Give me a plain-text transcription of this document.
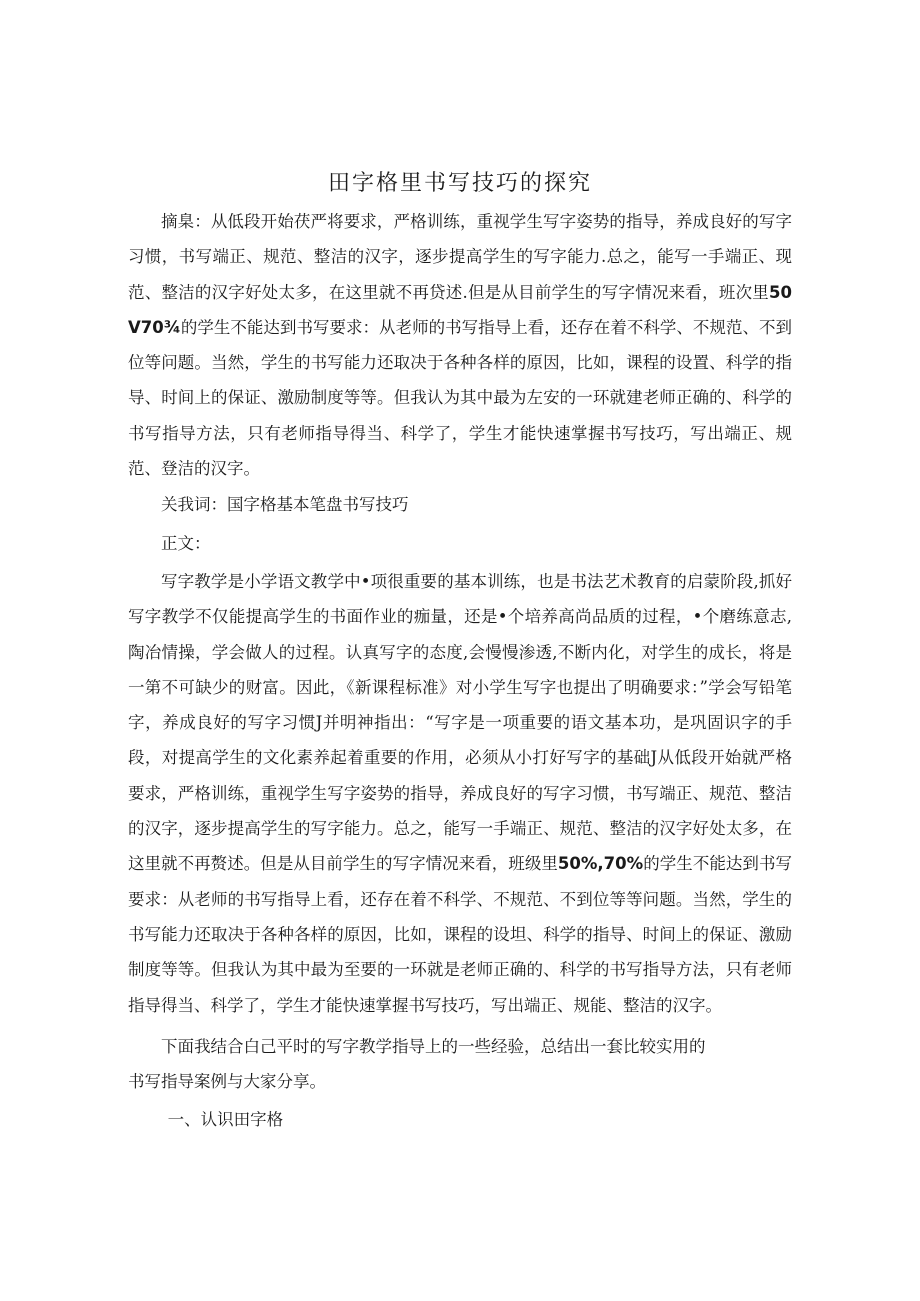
田字格里书写技巧的探究

摘臬：从低段开始茯严将要求，严格训练，重视学生写字姿势的指导，养成良好的写字习惯，书写端正、规范、整洁的汉字，逐步提高学生的写字能力.总之，能写一手端正、现范、整洁的汉字好处太多，在这里就不再贷述.但是从目前学生的写字情况来看，班次里50V70¾的学生不能达到书写要求：从老师的书写指导上看，还存在着不科学、不规范、不到位等问题。当然，学生的书写能力还取决于各种各样的原因，比如，课程的设置、科学的指导、时间上的保证、激励制度等等。但我认为其中最为左安的一环就建老师正确的、科学的书写指导方法，只有老师指导得当、科学了，学生才能快速掌握书写技巧，写出端正、规范、登洁的汉字。

关我词：国字格基本笔盘书写技巧

正文：

写字教学是小学语文教学中•项很重要的基本训练，也是书法艺术教育的启蒙阶段,抓好写字教学不仅能提高学生的书面作业的痂量，还是•个培养高尚品质的过程，•个磨练意志,陶冶情操，学会做人的过程。认真写字的态度,会慢慢渗透,不断内化，对学生的成长，将是一第不可缺少的财富。因此，《新课程标准》对小学生写字也提出了明确要求：”学会写铅笔字，养成良好的写字习惯J并明神指出：“写字是一项重要的语文基本功，是巩固识字的手段，对提高学生的文化素养起着重要的作用，必须从小打好写字的基础J从低段开始就严格要求，严格训练，重视学生写字姿势的指导，养成良好的写字习惯，书写端正、规范、整洁的汉字，逐步提高学生的写字能力。总之，能写一手端正、规范、整洁的汉字好处太多，在这里就不再赘述。但是从目前学生的写字情况来看，班级里50%,70%的学生不能达到书写要求：从老师的书写指导上看，还存在着不科学、不规范、不到位等等问题。当然，学生的书写能力还取决于各种各样的原因，比如，课程的设坦、科学的指导、时间上的保证、激励制度等等。但我认为其中最为至要的一环就是老师正确的、科学的书写指导方法，只有老师指导得当、科学了，学生才能快速掌握书写技巧，写出端正、规能、整洁的汉字。

下面我结合白己平时的写字教学指导上的一些经验，总结出一套比较实用的

书写指导案例与大家分享。

一、认识田字格
